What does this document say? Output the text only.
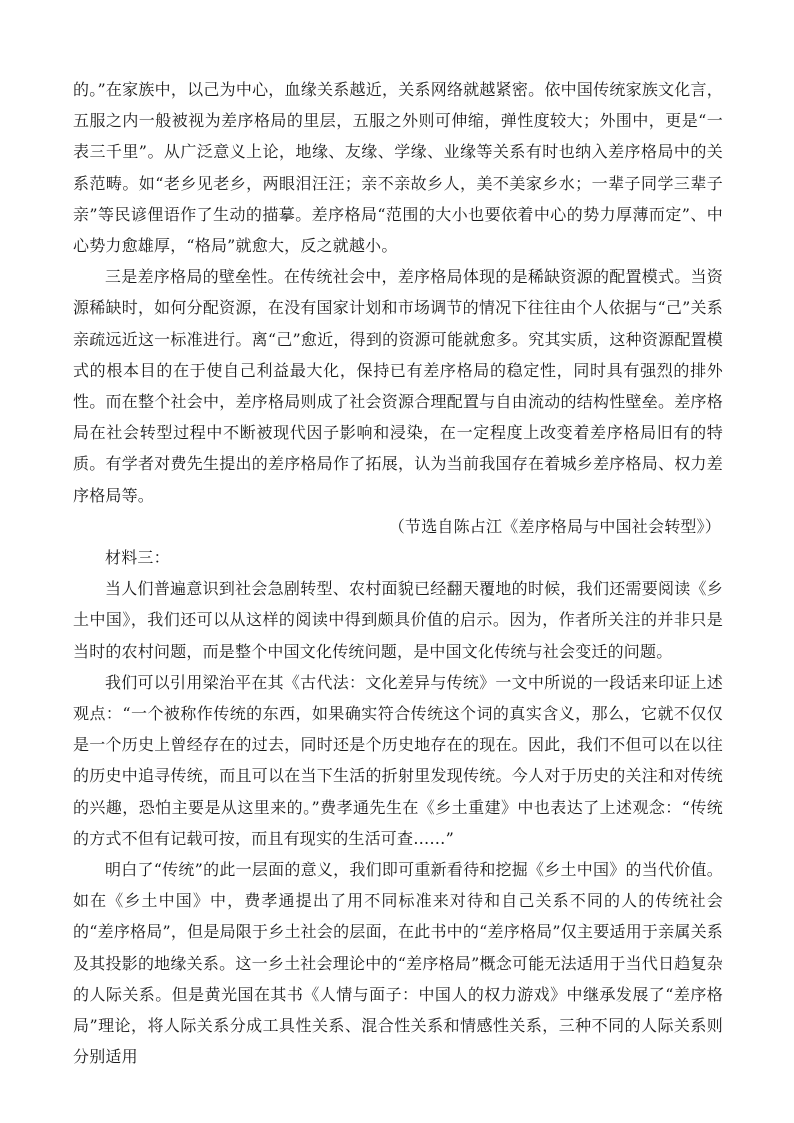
的。”在家族中，以己为中心，血缘关系越近，关系网络就越紧密。依中国传统家族文化言，五服之内一般被视为差序格局的里层，五服之外则可伸缩，弹性度较大；外围中，更是“一表三千里”。从广泛意义上论，地缘、友缘、学缘、业缘等关系有时也纳入差序格局中的关系范畴。如“老乡见老乡，两眼泪汪汪；亲不亲故乡人，美不美家乡水；一辈子同学三辈子亲”等民谚俚语作了生动的描摹。差序格局“范围的大小也要依着中心的势力厚薄而定”、中心势力愈雄厚，“格局”就愈大，反之就越小。

三是差序格局的壁垒性。在传统社会中，差序格局体现的是稀缺资源的配置模式。当资源稀缺时，如何分配资源，在没有国家计划和市场调节的情况下往往由个人依据与“己”关系亲疏远近这一标准进行。离“己”愈近，得到的资源可能就愈多。究其实质，这种资源配置模式的根本目的在于使自己利益最大化，保持已有差序格局的稳定性，同时具有强烈的排外性。而在整个社会中，差序格局则成了社会资源合理配置与自由流动的结构性壁垒。差序格局在社会转型过程中不断被现代因子影响和浸染，在一定程度上改变着差序格局旧有的特质。有学者对费先生提出的差序格局作了拓展，认为当前我国存在着城乡差序格局、权力差序格局等。

（节选自陈占江《差序格局与中国社会转型》）

材料三：

当人们普遍意识到社会急剧转型、农村面貌已经翻天覆地的时候，我们还需要阅读《乡土中国》，我们还可以从这样的阅读中得到颇具价值的启示。因为，作者所关注的并非只是当时的农村问题，而是整个中国文化传统问题，是中国文化传统与社会变迁的问题。

我们可以引用梁治平在其《古代法：文化差异与传统》一文中所说的一段话来印证上述观点：“一个被称作传统的东西，如果确实符合传统这个词的真实含义，那么，它就不仅仅是一个历史上曾经存在的过去，同时还是个历史地存在的现在。因此，我们不但可以在以往的历史中追寻传统，而且可以在当下生活的折射里发现传统。今人对于历史的关注和对传统的兴趣，恐怕主要是从这里来的。”费孝通先生在《乡土重建》中也表达了上述观念：“传统的方式不但有记载可按，而且有现实的生活可查……”

明白了“传统”的此一层面的意义，我们即可重新看待和挖掘《乡土中国》的当代价值。如在《乡土中国》中，费孝通提出了用不同标准来对待和自己关系不同的人的传统社会的“差序格局”，但是局限于乡土社会的层面，在此书中的“差序格局”仅主要适用于亲属关系及其投影的地缘关系。这一乡土社会理论中的“差序格局”概念可能无法适用于当代日趋复杂的人际关系。但是黄光国在其书《人情与面子：中国人的权力游戏》中继承发展了“差序格局”理论，将人际关系分成工具性关系、混合性关系和情感性关系，三种不同的人际关系则分别适用
